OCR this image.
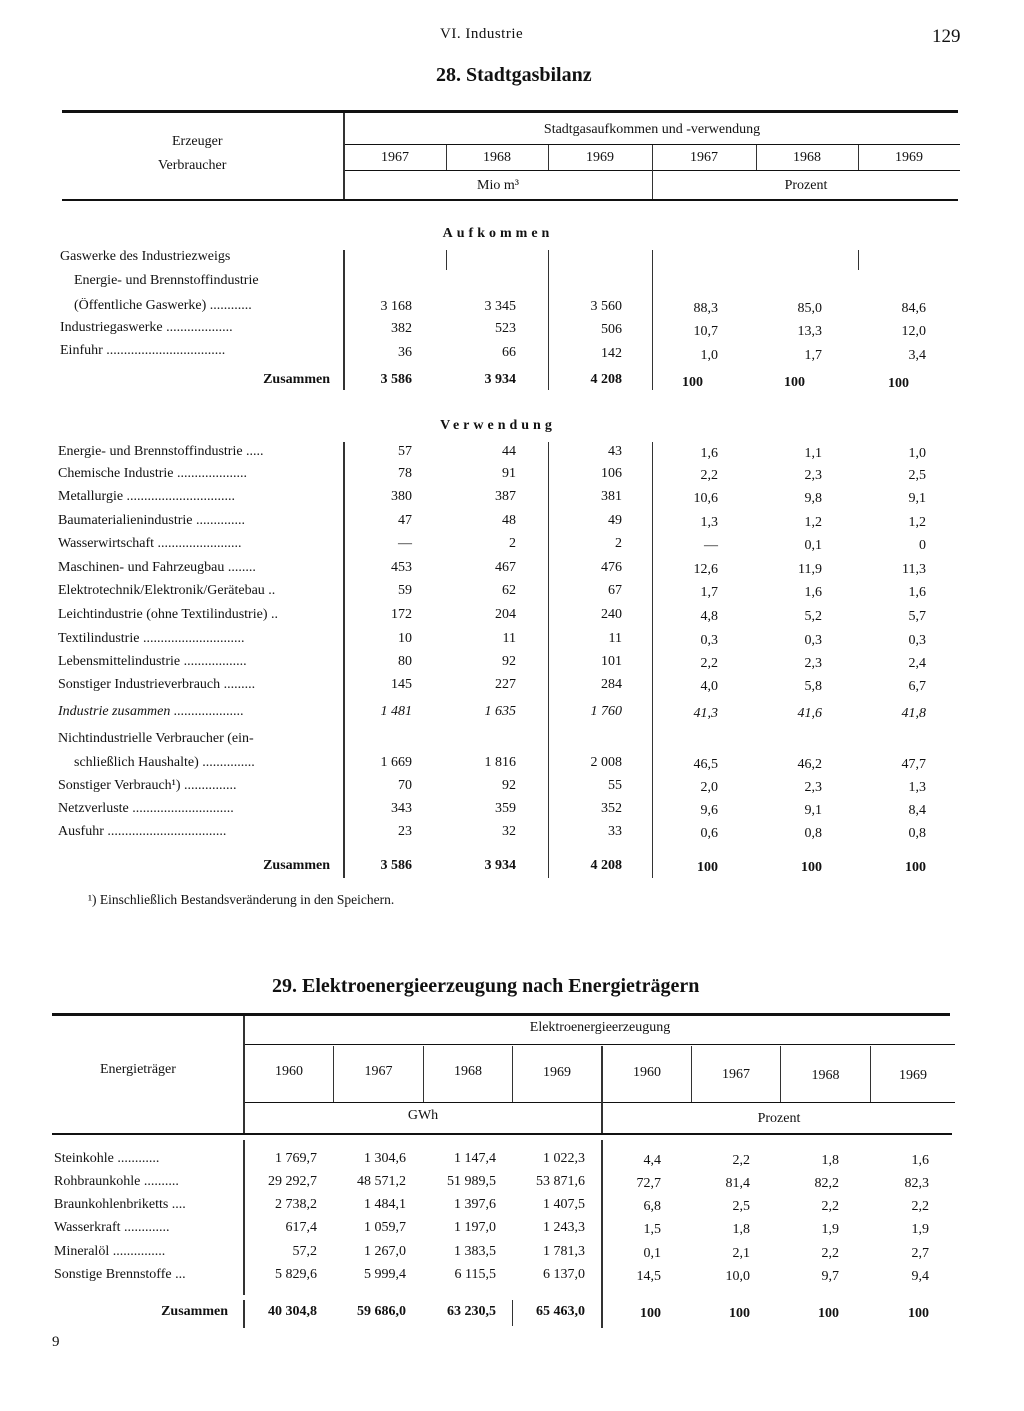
VI. Industrie	129
28. Stadtgasbilanz
Erzeuger
Verbraucher
Stadtgasaufkommen und -verwendung
1967	1968	1969	1967	1968	1969
Mio m³	Prozent
Aufkommen
Verwendung
Gaswerke des Industriezweigs
Energie- und Brennstoffindustrie
(Öffentliche Gaswerke) ............	3 168	3 345	3 560	88,3	85,0	84,6
Industriegaswerke ...................	382	523	506	10,7	13,3	12,0
Einfuhr ..................................	36	66	142	1,0	1,7	3,4
Zusammen	3 586	3 934	4 208	100	100	100
Energie- und Brennstoffindustrie .....	57	44	43	1,6	1,1	1,0
Chemische Industrie ....................	78	91	106	2,2	2,3	2,5
Metallurgie ...............................	380	387	381	10,6	9,8	9,1
Baumaterialienindustrie ..............	47	48	49	1,3	1,2	1,2
Wasserwirtschaft ........................	—	2	2	—	0,1	0
Maschinen- und Fahrzeugbau ........	453	467	476	12,6	11,9	11,3
Elektrotechnik/Elektronik/Gerätebau ..	59	62	67	1,7	1,6	1,6
Leichtindustrie (ohne Textilindustrie) ..	172	204	240	4,8	5,2	5,7
Textilindustrie .............................	10	11	11	0,3	0,3	0,3
Lebensmittelindustrie ..................	80	92	101	2,2	2,3	2,4
Sonstiger Industrieverbrauch .........	145	227	284	4,0	5,8	6,7
Industrie zusammen ....................	1 481	1 635	1 760	41,3	41,6	41,8
Nichtindustrielle Verbraucher (ein-
schließlich Haushalte) ...............	1 669	1 816	2 008	46,5	46,2	47,7
Sonstiger Verbrauch¹) ...............	70	92	55	2,0	2,3	1,3
Netzverluste .............................	343	359	352	9,6	9,1	8,4
Ausfuhr ..................................	23	32	33	0,6	0,8	0,8
Zusammen	3 586	3 934	4 208	100	100	100
¹) Einschließlich Bestandsveränderung in den Speichern.
29. Elektroenergieerzeugung nach Energieträgern
Energieträger
Elektroenergieerzeugung
1960	1967	1968	1969	1960	1967	1968	1969
GWh	Prozent
Steinkohle ............	1 769,7	1 304,6	1 147,4	1 022,3	4,4	2,2	1,8	1,6
Rohbraunkohle ..........	29 292,7	48 571,2	51 989,5	53 871,6	72,7	81,4	82,2	82,3
Braunkohlenbriketts ....	2 738,2	1 484,1	1 397,6	1 407,5	6,8	2,5	2,2	2,2
Wasserkraft .............	617,4	1 059,7	1 197,0	1 243,3	1,5	1,8	1,9	1,9
Mineralöl ...............	57,2	1 267,0	1 383,5	1 781,3	0,1	2,1	2,2	2,7
Sonstige Brennstoffe ...	5 829,6	5 999,4	6 115,5	6 137,0	14,5	10,0	9,7	9,4
Zusammen	40 304,8	59 686,0	63 230,5	65 463,0	100	100	100	100
9
